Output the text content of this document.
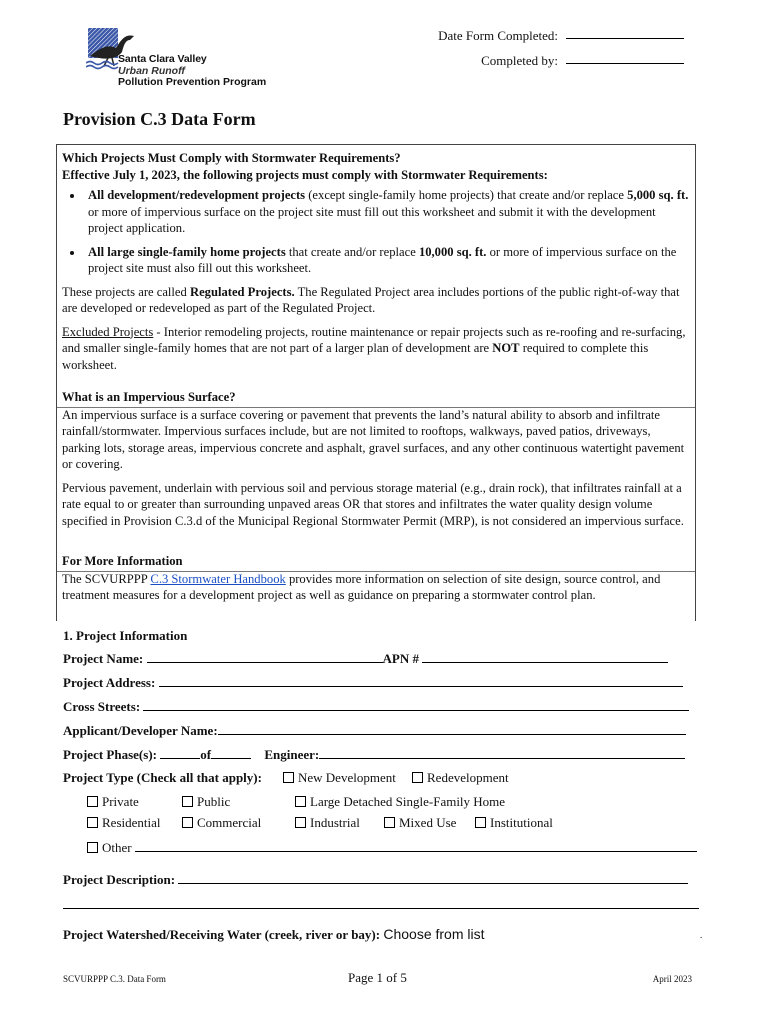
Santa Clara Valley
Urban Runoff
Pollution Prevention Program
Date Form Completed:
Completed by:
Provision C.3 Data Form

Which Projects Must Comply with Stormwater Requirements?

Effective July 1, 2023, the following projects must comply with Stormwater Requirements:

• All development/redevelopment projects (except single-family home projects) that create and/or replace 5,000 sq. ft. or more of impervious surface on the project site must fill out this worksheet and submit it with the development project application.
• All large single-family home projects that create and/or replace 10,000 sq. ft. or more of impervious surface on the project site must also fill out this worksheet.

These projects are called Regulated Projects. The Regulated Project area includes portions of the public right-of-way that are developed or redeveloped as part of the Regulated Project.

Excluded Projects - Interior remodeling projects, routine maintenance or repair projects such as re-roofing and re-surfacing, and smaller single-family homes that are not part of a larger plan of development are NOT required to complete this worksheet.

What is an Impervious Surface?

An impervious surface is a surface covering or pavement that prevents the land’s natural ability to absorb and infiltrate rainfall/stormwater. Impervious surfaces include, but are not limited to rooftops, walkways, paved patios, driveways, parking lots, storage areas, impervious concrete and asphalt, gravel surfaces, and any other continuous watertight pavement or covering.

Pervious pavement, underlain with pervious soil and pervious storage material (e.g., drain rock), that infiltrates rainfall at a rate equal to or greater than surrounding unpaved areas OR that stores and infiltrates the water quality design volume specified in Provision C.3.d of the Municipal Regional Stormwater Permit (MRP), is not considered an impervious surface.

For More Information

The SCVURPPP C.3 Stormwater Handbook provides more information on selection of site design, source control, and treatment measures for a development project as well as guidance on preparing a stormwater control plan.

1. Project Information
Project Name:	APN #
Project Address:
Cross Streets:
Applicant/Developer Name:
Project Phase(s):	of	Engineer:
Project Type (Check all that apply):	New Development	Redevelopment
Private	Public	Large Detached Single-Family Home
Residential	Commercial	Industrial	Mixed Use	Institutional
Other
Project Description:
Project Watershed/Receiving Water (creek, river or bay): Choose from list	.
SCVURPPP C.3. Data Form	Page 1 of 5	April 2023
